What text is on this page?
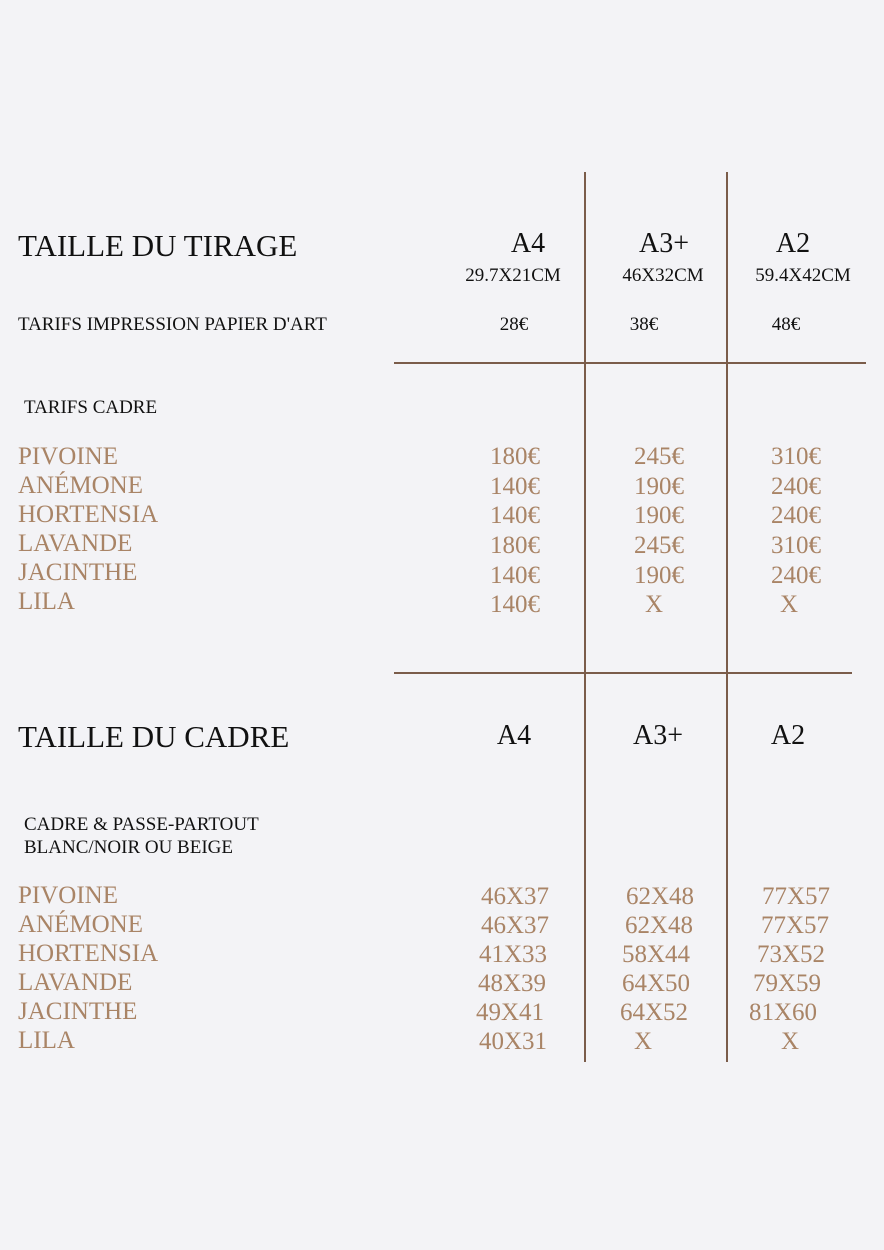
TAILLE DU TIRAGE	A4	A3+	A2
29.7X21CM	46X32CM	59.4X42CM
TARIFS IMPRESSION PAPIER D'ART	28€	38€	48€
TARIFS CADRE
PIVOINE	180€	245€	310€
ANÉMONE	140€	190€	240€
HORTENSIA	140€	190€	240€
LAVANDE	180€	245€	310€
JACINTHE	140€	190€	240€
LILA	140€	X	X
TAILLE DU CADRE	A4	A3+	A2
CADRE & PASSE-PARTOUT
BLANC/NOIR OU BEIGE
PIVOINE	46X37	62X48	77X57
ANÉMONE	46X37	62X48	77X57
HORTENSIA	41X33	58X44	73X52
LAVANDE	48X39	64X50	79X59
JACINTHE	49X41	64X52 81X60
LILA	40X31	X	X
